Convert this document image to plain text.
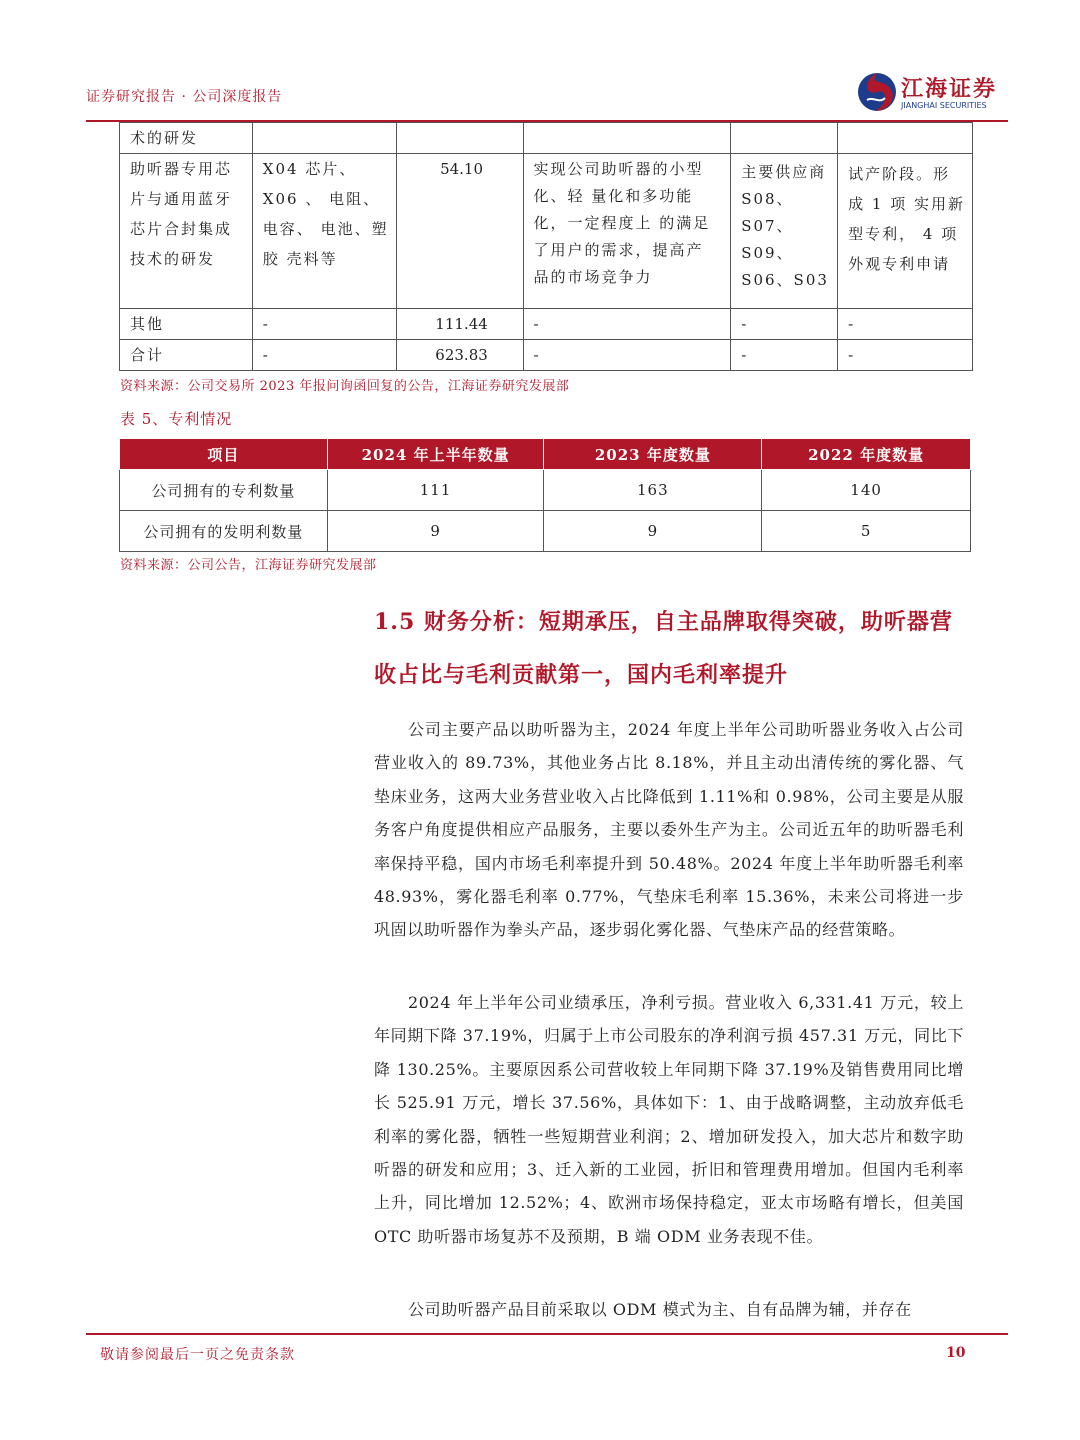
证券研究报告 · 公司深度报告	江海证券
JIANGHAI SECURITIES
术的研发					
助听器专用芯片与通用蓝牙芯片合封集成技术的研发	X04 芯片、X06 、 电阻、电容、 电池、塑胶 壳料等	54.10	实现公司助听器的小型化、轻 量化和多功能化，一定程度上 的满足了用户的需求，提高产 品的市场竞争力	主要供应商 S08、S07、S09、S06、S03	试产阶段。形成 1 项 实用新型专利， 4 项外观专利申请
其他	-	111.44	-	-	-
合计	-	623.83	-	-	-
资料来源：公司交易所 2023 年报问询函回复的公告，江海证券研究发展部
表 5、专利情况
项目	2024 年上半年数量	2023 年度数量	2022 年度数量
公司拥有的专利数量	111	163	140
公司拥有的发明利数量	9	9	5
资料来源：公司公告，江海证券研究发展部
1.5 财务分析：短期承压，自主品牌取得突破，助听器营收占比与毛利贡献第一，国内毛利率提升

公司主要产品以助听器为主，2024 年度上半年公司助听器业务收入占公司营业收入的 89.73%，其他业务占比 8.18%，并且主动出清传统的雾化器、气垫床业务，这两大业务营业收入占比降低到 1.11%和 0.98%，公司主要是从服务客户角度提供相应产品服务，主要以委外生产为主。公司近五年的助听器毛利率保持平稳，国内市场毛利率提升到 50.48%。2024 年度上半年助听器毛利率 48.93%，雾化器毛利率 0.77%，气垫床毛利率 15.36%，未来公司将进一步巩固以助听器作为拳头产品，逐步弱化雾化器、气垫床产品的经营策略。

2024 年上半年公司业绩承压，净利亏损。营业收入 6,331.41 万元，较上年同期下降 37.19%，归属于上市公司股东的净利润亏损 457.31 万元，同比下降 130.25%。主要原因系公司营收较上年同期下降 37.19%及销售费用同比增长 525.91 万元，增长 37.56%，具体如下：1、由于战略调整，主动放弃低毛利率的雾化器，牺牲一些短期营业利润；2、增加研发投入，加大芯片和数字助听器的研发和应用；3、迁入新的工业园，折旧和管理费用增加。但国内毛利率上升，同比增加 12.52%；4、欧洲市场保持稳定，亚太市场略有增长，但美国 OTC 助听器市场复苏不及预期，B 端 ODM 业务表现不佳。

公司助听器产品目前采取以 ODM 模式为主、自有品牌为辅，并存在

敬请参阅最后一页之免责条款	10
